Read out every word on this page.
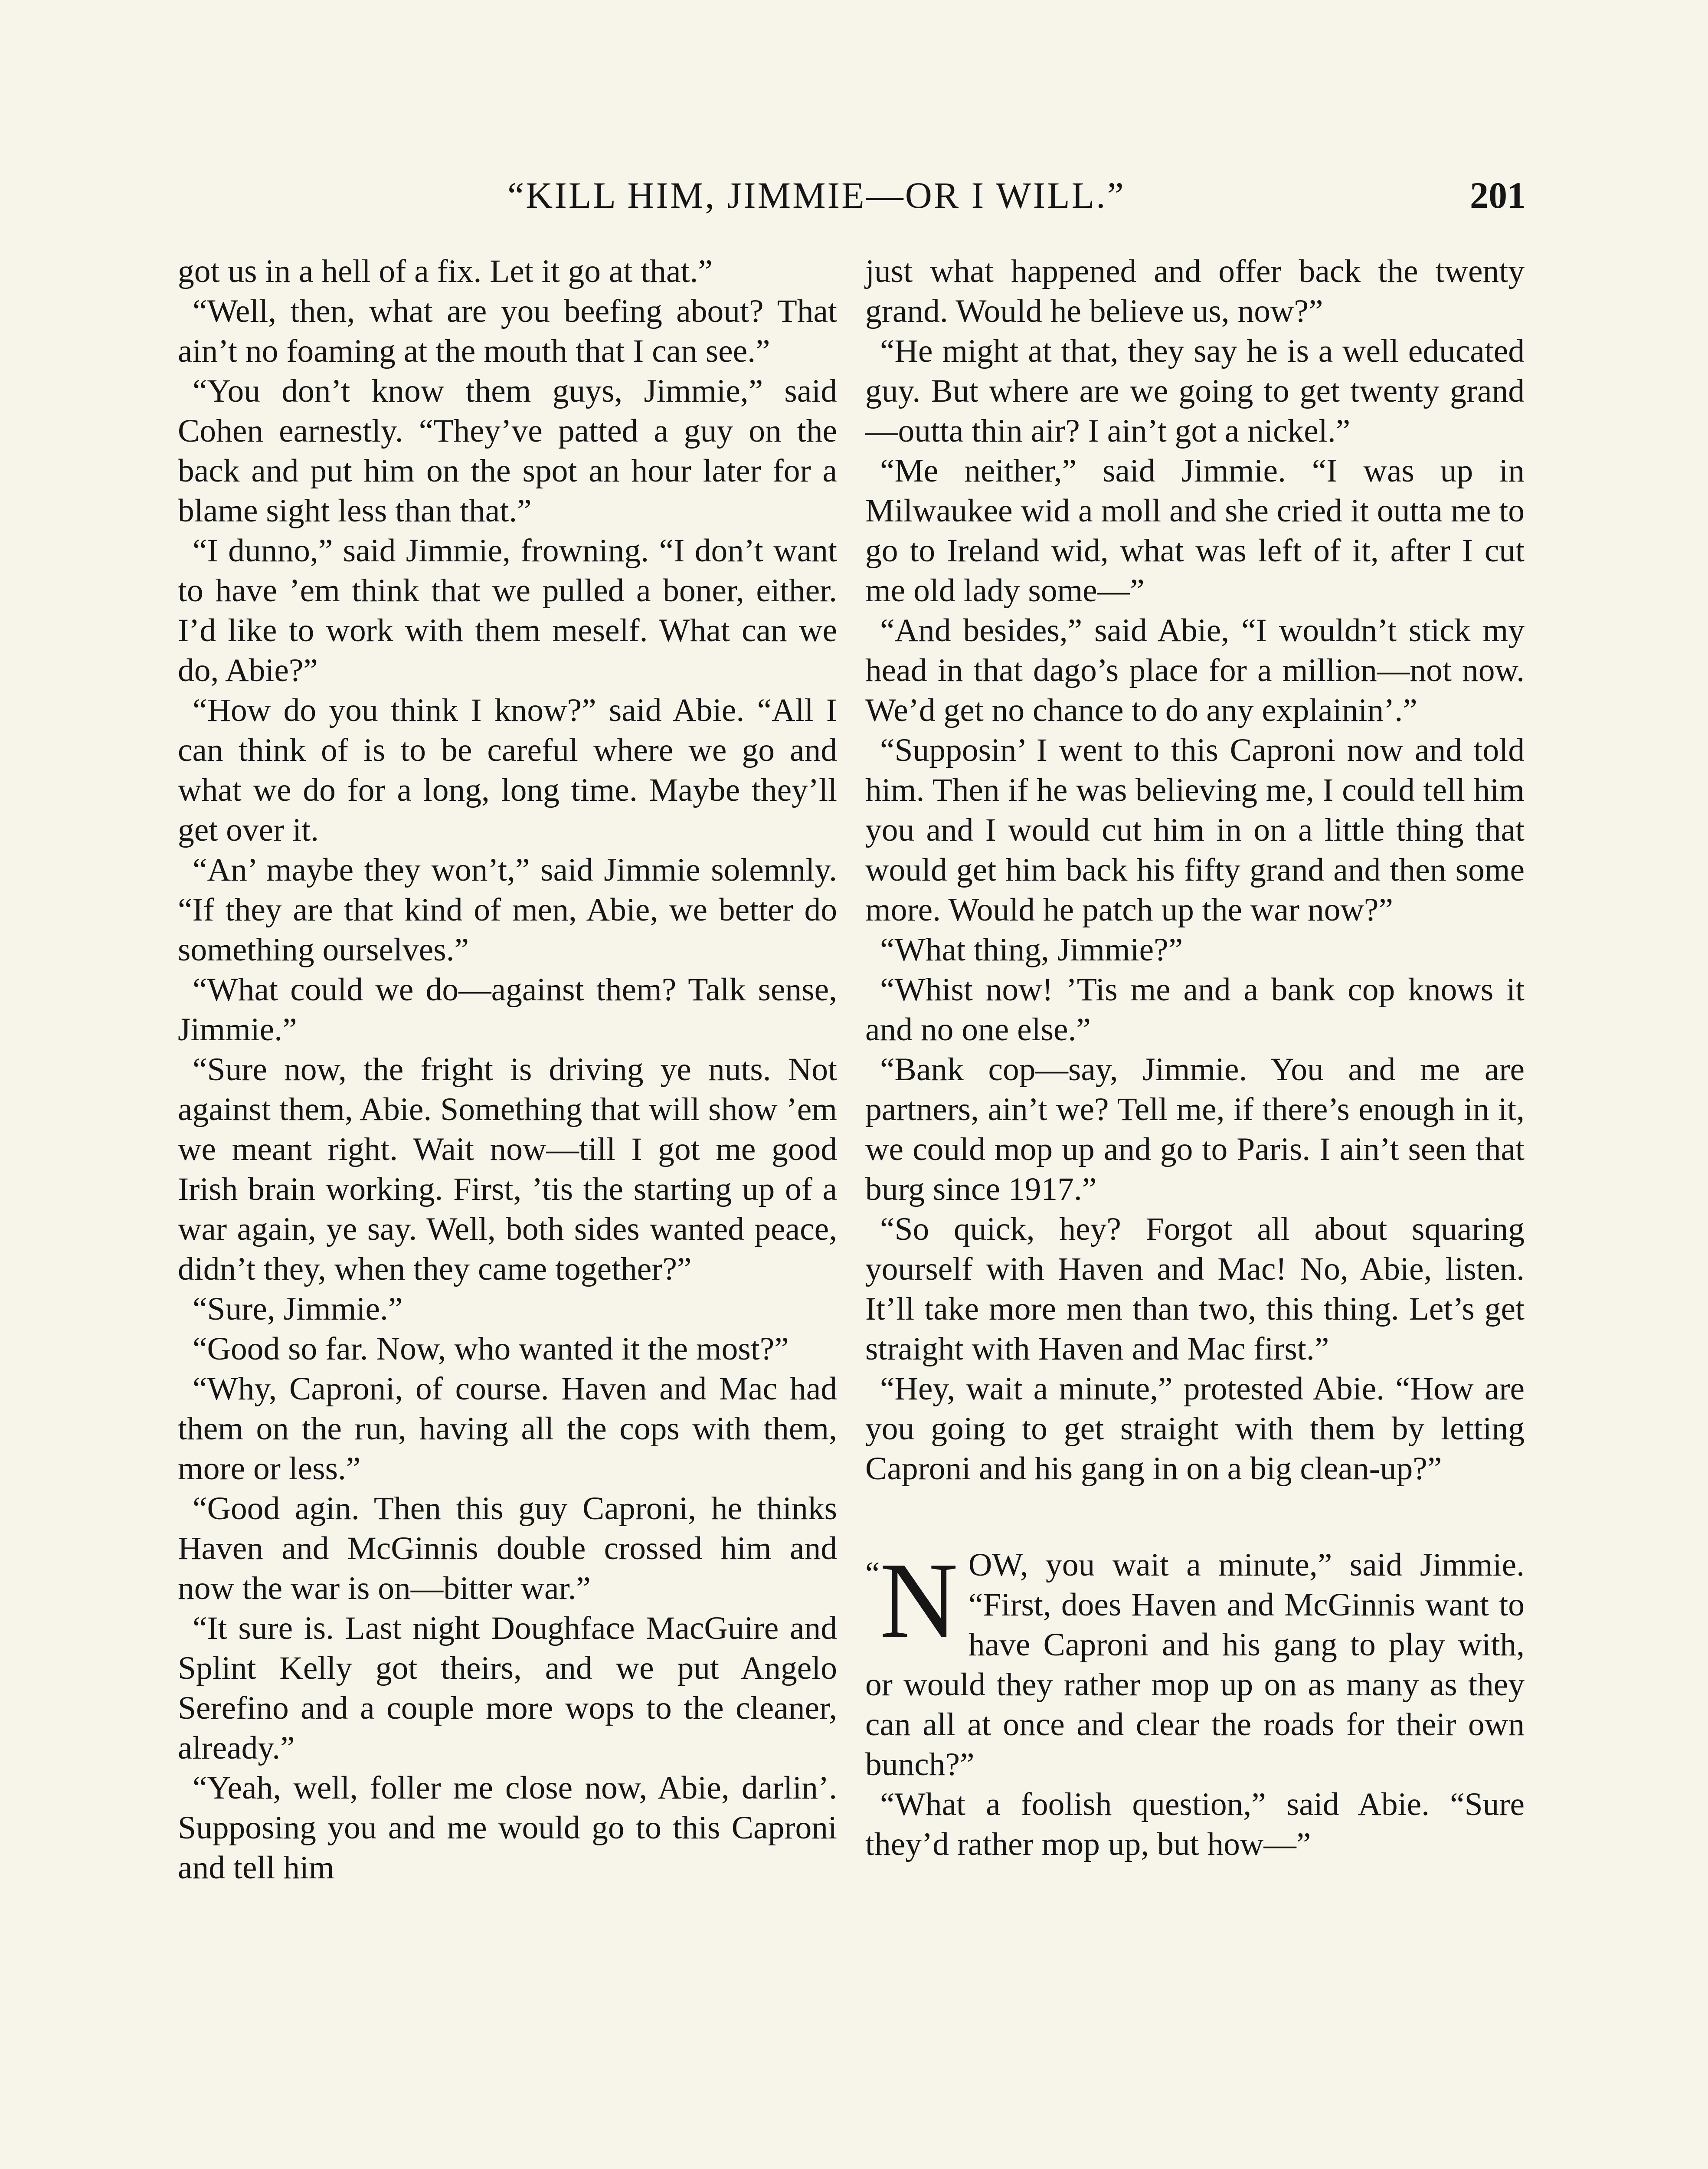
“KILL HIM, JIMMIE—OR I WILL.”	201

got us in a hell of a fix. Let it go at that.”

“Well, then, what are you beefing about? That ain’t no foaming at the mouth that I can see.”

“You don’t know them guys, Jimmie,” said Cohen earnestly. “They’ve patted a guy on the back and put him on the spot an hour later for a blame sight less than that.”

“I dunno,” said Jimmie, frowning. “I don’t want to have ’em think that we pulled a boner, either. I’d like to work with them meself. What can we do, Abie?”

“How do you think I know?” said Abie. “All I can think of is to be careful where we go and what we do for a long, long time. Maybe they’ll get over it.

“An’ maybe they won’t,” said Jimmie solemnly. “If they are that kind of men, Abie, we better do something ourselves.”

“What could we do—against them? Talk sense, Jimmie.”

“Sure now, the fright is driving ye nuts. Not against them, Abie. Something that will show ’em we meant right. Wait now—till I got me good Irish brain working. First, ’tis the starting up of a war again, ye say. Well, both sides wanted peace, didn’t they, when they came together?”

“Sure, Jimmie.”

“Good so far. Now, who wanted it the most?”

“Why, Caproni, of course. Haven and Mac had them on the run, having all the cops with them, more or less.”

“Good agin. Then this guy Caproni, he thinks Haven and McGinnis double crossed him and now the war is on—bitter war.”

“It sure is. Last night Doughface MacGuire and Splint Kelly got theirs, and we put Angelo Serefino and a couple more wops to the cleaner, already.”

“Yeah, well, foller me close now, Abie, darlin’. Supposing you and me would go to this Caproni and tell him

just what happened and offer back the twenty grand. Would he believe us, now?”

“He might at that, they say he is a well educated guy. But where are we going to get twenty grand—outta thin air? I ain’t got a nickel.”

“Me neither,” said Jimmie. “I was up in Milwaukee wid a moll and she cried it outta me to go to Ireland wid, what was left of it, after I cut me old lady some—”

“And besides,” said Abie, “I wouldn’t stick my head in that dago’s place for a million—not now. We’d get no chance to do any explainin’.”

“Supposin’ I went to this Caproni now and told him. Then if he was believing me, I could tell him you and I would cut him in on a little thing that would get him back his fifty grand and then some more. Would he patch up the war now?”

“What thing, Jimmie?”

“Whist now! ’Tis me and a bank cop knows it and no one else.”

“Bank cop—say, Jimmie. You and me are partners, ain’t we? Tell me, if there’s enough in it, we could mop up and go to Paris. I ain’t seen that burg since 1917.”

“So quick, hey? Forgot all about squaring yourself with Haven and Mac! No, Abie, listen. It’ll take more men than two, this thing. Let’s get straight with Haven and Mac first.”

“Hey, wait a minute,” protested Abie. “How are you going to get straight with them by letting Caproni and his gang in on a big clean-up?”

“ N OW, you wait a minute,” said Jimmie. “First, does Haven and McGinnis want to have Caproni and his gang to play with, or would they rather mop up on as many as they can all at once and clear the roads for their own bunch?”

“What a foolish question,” said Abie. “Sure they’d rather mop up, but how—”
